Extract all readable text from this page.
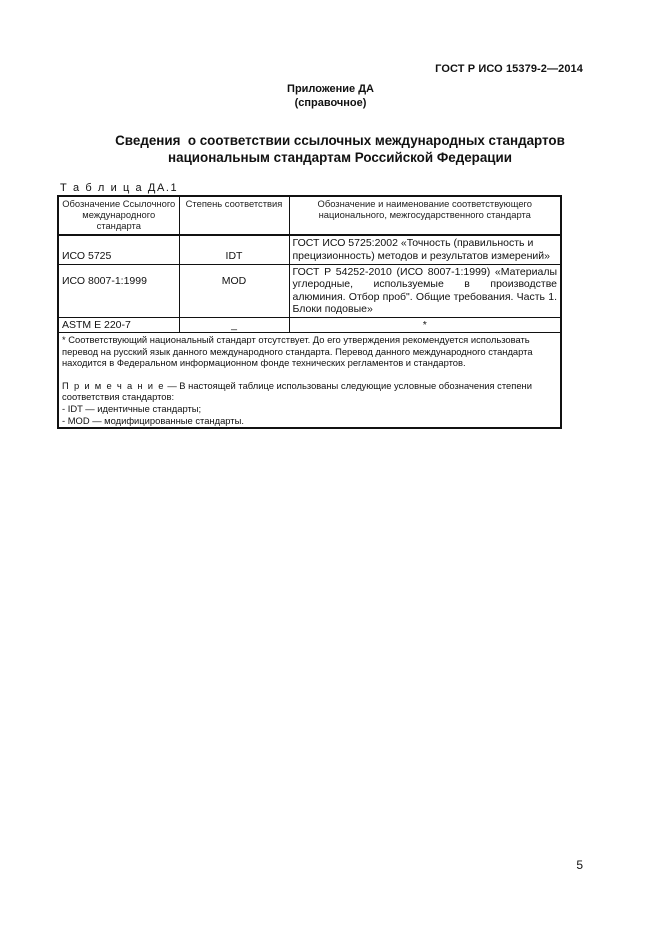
ГОСТ Р ИСО 15379-2—2014
Приложение ДА
(справочное)
Сведения  о соответствии ссылочных международных стандартов
национальным стандартам Российской Федерации
Т а б л и ц а ДА.1
Обозначение Ссылочного международного стандарта	Степень соответствия	Обозначение и наименование соответствующего национального, межгосударственного стандарта
ИСО 5725	IDT	ГОСТ ИСО 5725:2002 «Точность (правильность и прецизионность) методов и результатов измерений»
ИСО 8007-1:1999	MOD	ГОСТ Р 54252-2010 (ИСО 8007-1:1999) «Материалы углеродные, используемые в производстве алюминия. Отбор проб". Общие требования. Часть 1. Блоки подовые»
ASTM E 220-7	_	*

* Соответствующий национальный стандарт отсутствует. До его утверждения рекомендуется использовать перевод на русский язык данного международного стандарта. Перевод данного международного стандарта находится в Федеральном информационном фонде технических регламентов и стандартов.
П р и м е ч а н и е — В настоящей таблице использованы следующие условные обозначения степени соответствия стандартов:
- IDT — идентичные стандарты;
- MOD — модифицированные стандарты.		
5
